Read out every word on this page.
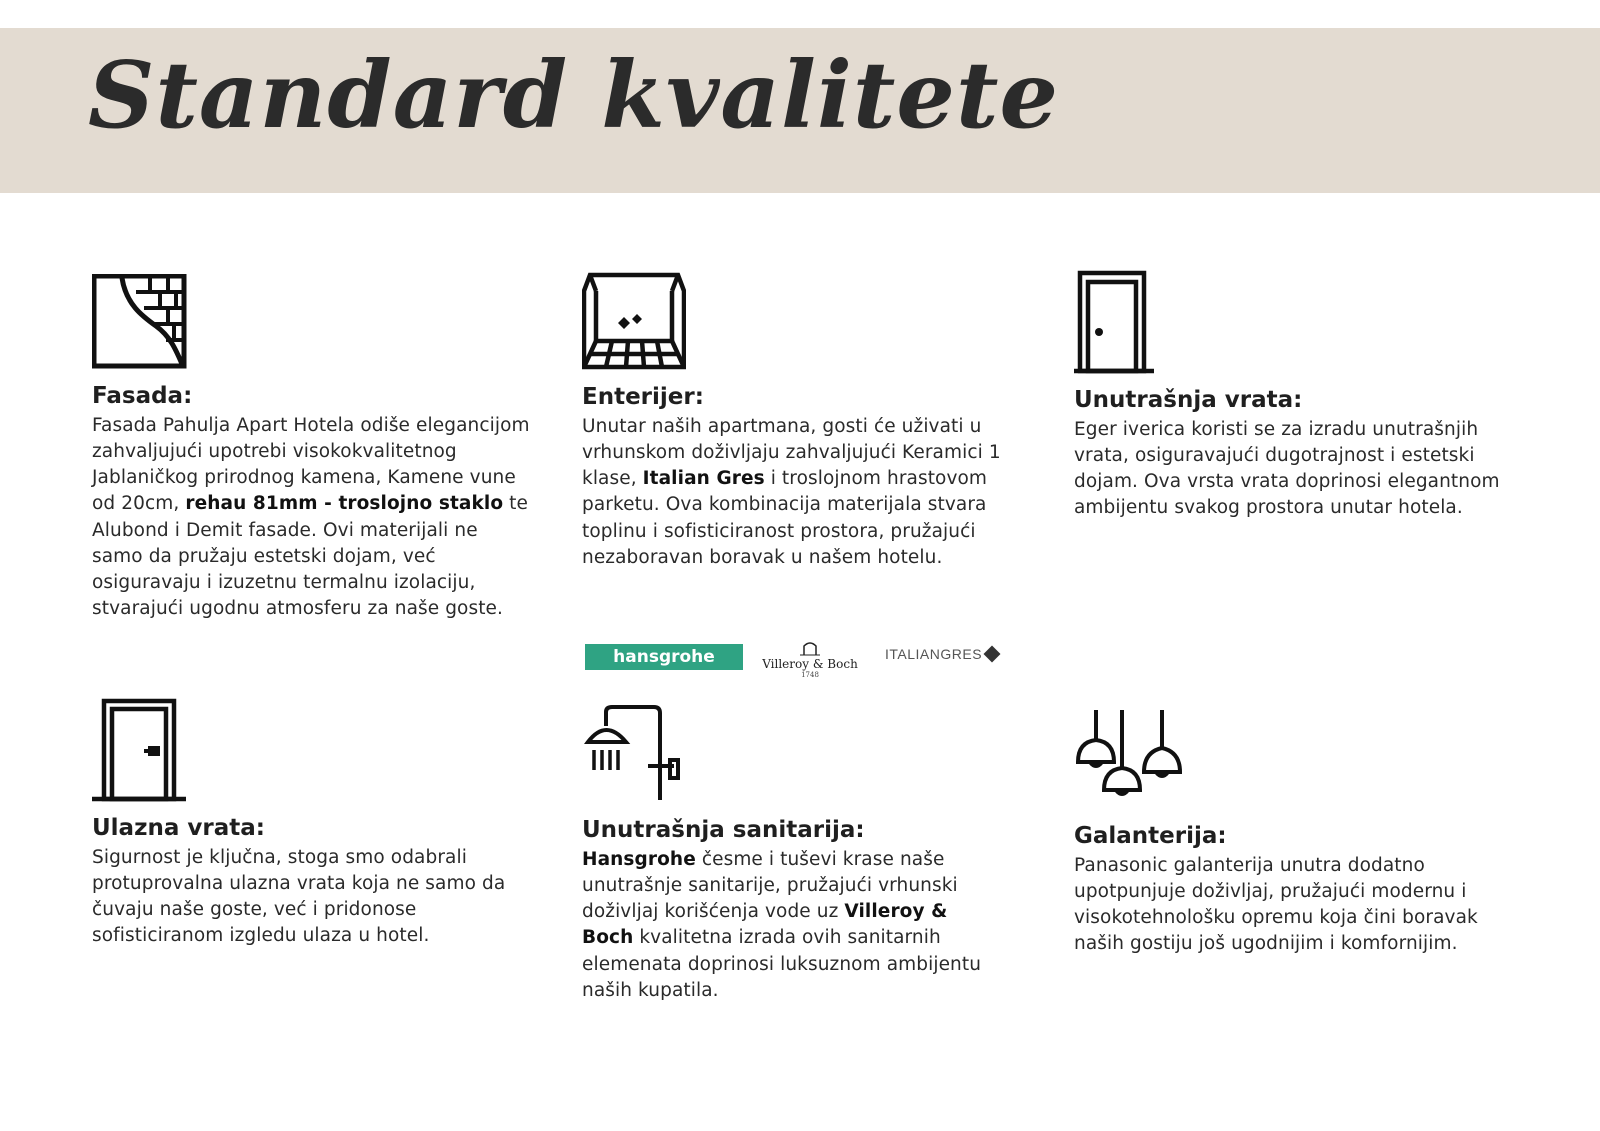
Standard kvalitete
Fasada:

Fasada Pahulja Apart Hotela odiše elegancijom zahvaljujući upotrebi visokokvalitetnog Jablaničkog prirodnog kamena, Kamene vune od 20cm, rehau 81mm - troslojno staklo te Alubond i Demit fasade. Ovi materijali ne samo da pružaju estetski dojam, već osiguravaju i izuzetnu termalnu izolaciju, stvarajući ugodnu atmosferu za naše goste.

Enterijer:

Unutar naših apartmana, gosti će uživati u vrhunskom doživljaju zahvaljujući Keramici 1 klase, Italian Gres i troslojnom hrastovom parketu. Ova kombinacija materijala stvara toplinu i sofisticiranost prostora, pružajući nezaboravan boravak u našem hotelu.

Unutrašnja vrata:

Eger iverica koristi se za izradu unutrašnjih vrata, osiguravajući dugotrajnost i estetski dojam. Ova vrsta vrata doprinosi elegantnom ambijentu svakog prostora unutar hotela.

hansgrohe	Villeroy & Boch
1748
ITALIANGRES
Ulazna vrata:

Sigurnost je ključna, stoga smo odabrali protuprovalna ulazna vrata koja ne samo da čuvaju naše goste, već i pridonose sofisticiranom izgledu ulaza u hotel.

Unutrašnja sanitarija:

Hansgrohe česme i tuševi krase naše unutrašnje sanitarije, pružajući vrhunski doživljaj korišćenja vode uz Villeroy & Boch kvalitetna izrada ovih sanitarnih elemenata doprinosi luksuznom ambijentu naših kupatila.

Galanterija:

Panasonic galanterija unutra dodatno upotpunjuje doživljaj, pružajući modernu i visokotehnološku opremu koja čini boravak naših gostiju još ugodnijim i komfornijim.
